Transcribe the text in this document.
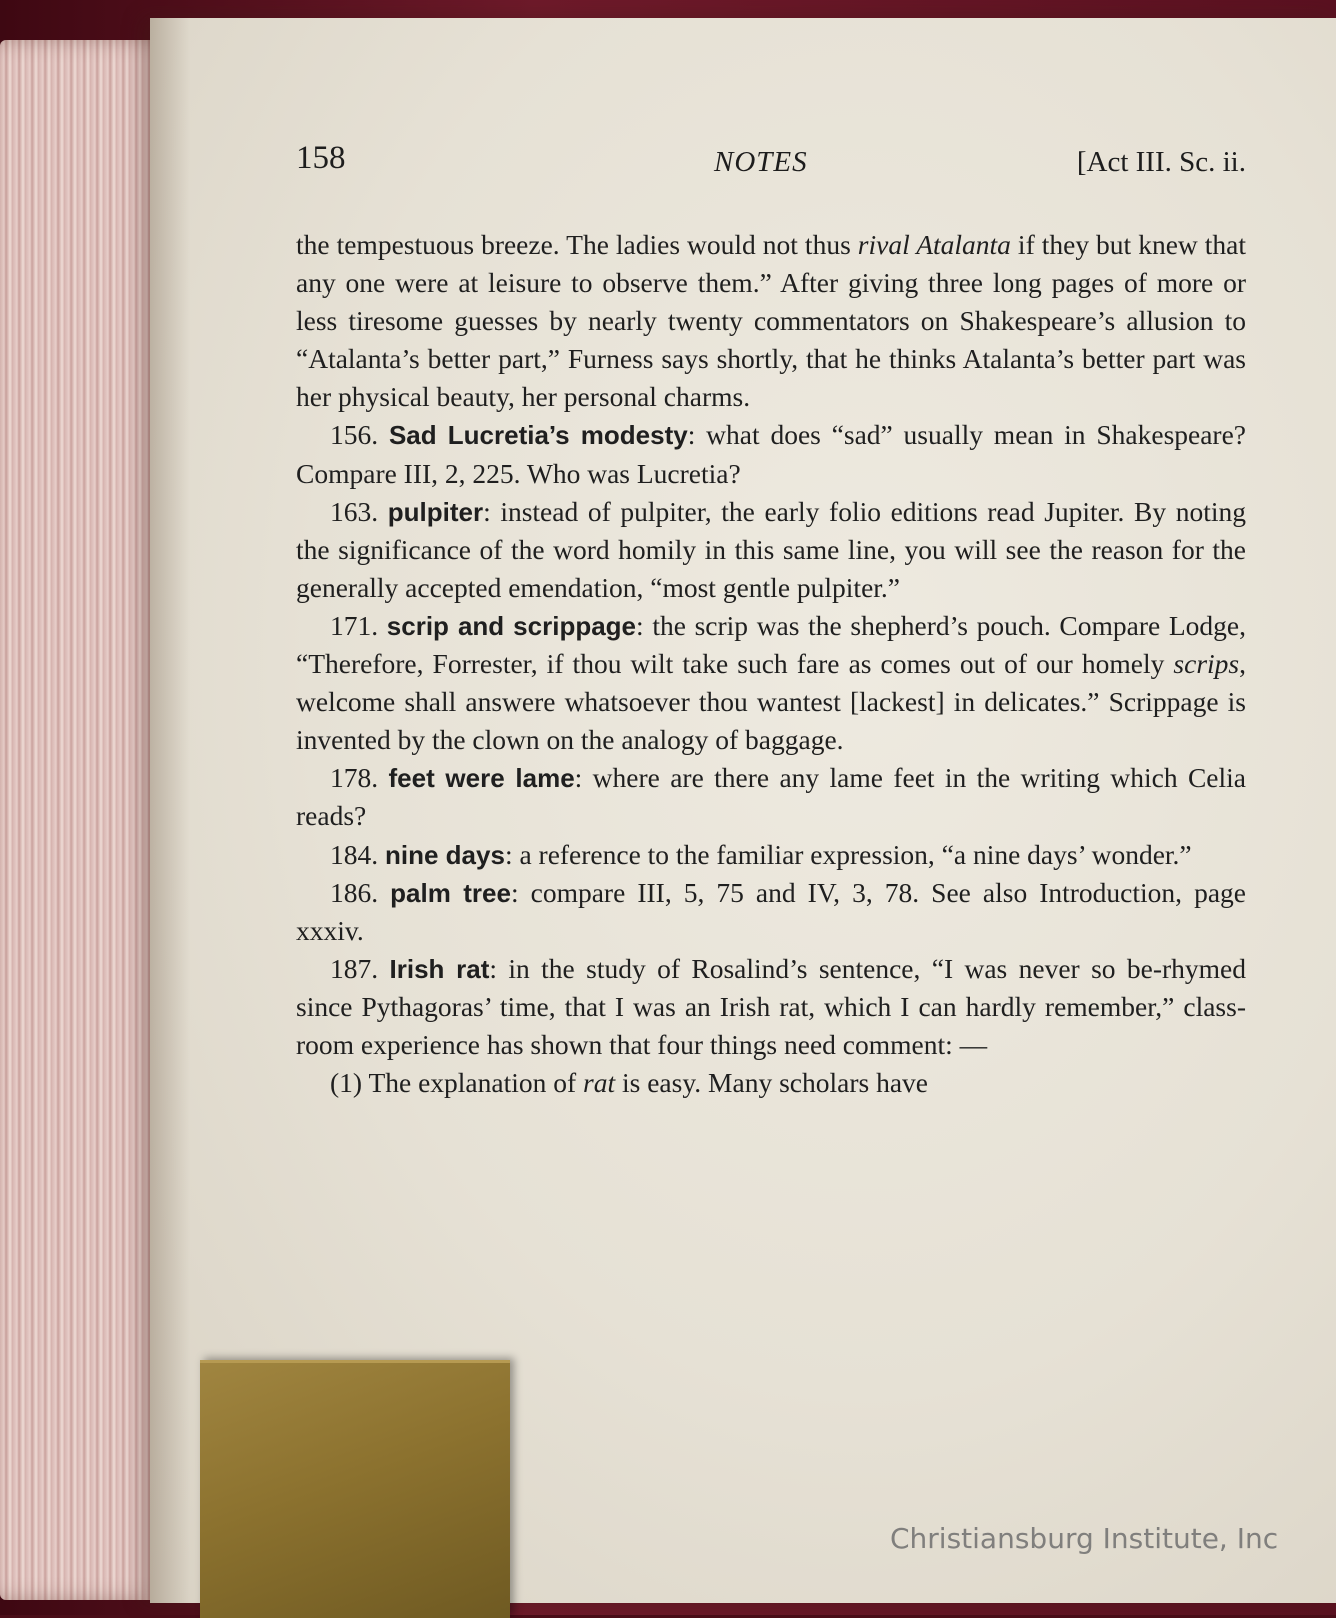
158	NOTES	[Act III. Sc. ii.

the tempestuous breeze. The ladies would not thus rival Atalanta if they but knew that any one were at leisure to observe them.” After giving three long pages of more or less tiresome guesses by nearly twenty commentators on Shakespeare’s allusion to “Atalanta’s better part,” Furness says shortly, that he thinks Atalanta’s better part was her physical beauty, her personal charms.

156. Sad Lucretia’s modesty: what does “sad” usually mean in Shakespeare? Compare III, 2, 225. Who was Lucretia?

163. pulpiter: instead of pulpiter, the early folio editions read Jupiter. By noting the significance of the word homily in this same line, you will see the reason for the generally accepted emendation, “most gentle pulpiter.”

171. scrip and scrippage: the scrip was the shepherd’s pouch. Compare Lodge, “Therefore, Forrester, if thou wilt take such fare as comes out of our homely scrips, welcome shall answere whatsoever thou wantest [lackest] in delicates.” Scrippage is invented by the clown on the analogy of baggage.

178. feet were lame: where are there any lame feet in the writing which Celia reads?

184. nine days: a reference to the familiar expression, “a nine days’ wonder.”

186. palm tree: compare III, 5, 75 and IV, 3, 78. See also Introduction, page xxxiv.

187. Irish rat: in the study of Rosalind’s sentence, “I was never so be-rhymed since Pythagoras’ time, that I was an Irish rat, which I can hardly remember,” class-room experience has shown that four things need comment: —

(1) The explanation of rat is easy. Many scholars have

Christiansburg Institute, Inc
